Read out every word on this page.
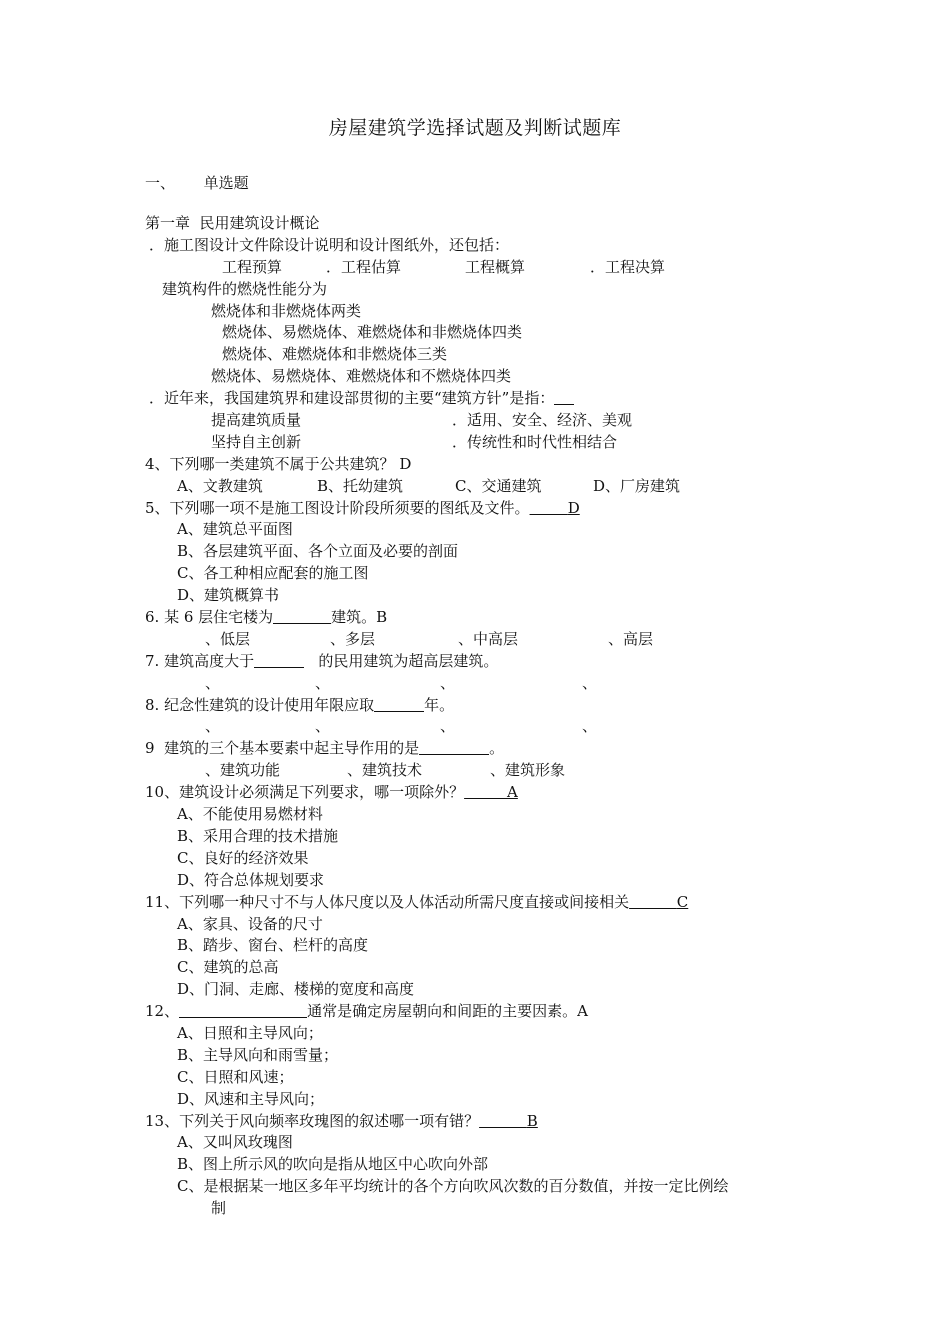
房屋建筑学选择试题及判断试题库
一、 单选题
第一章  民用建筑设计概论
．施工图设计文件除设计说明和设计图纸外，还包括：

工程预算

	．工程估算

	工程概算

	．工程决算

建筑构件的燃烧性能分为
燃烧体和非燃烧体两类
燃烧体、易燃烧体、难燃烧体和非燃烧体四类
燃烧体、难燃烧体和非燃烧体三类
燃烧体、易燃烧体、难燃烧体和不燃烧体四类
．近年来，我国建筑界和建设部贯彻的主要“建筑方针”是指：

提高建筑质量

	．适用、安全、经济、美观

坚持自主创新

	．传统性和时代性相结合

4、下列哪一类建筑不属于公共建筑？ D

A、文教建筑

	B、托幼建筑

	C、交通建筑

	D、厂房建筑

5、下列哪一项不是施工图设计阶段所须要的图纸及文件。	D
A、建筑总平面图
B、各层建筑平面、各个立面及必要的剖面
C、各工种相应配套的施工图
D、建筑概算书
6. 某 6 层住宅楼为	建筑。B

、低层

	、多层

	、中高层

	、高层

7. 建筑高度大于	的民用建筑为超高层建筑。

、

	、

	、

	、

8. 纪念性建筑的设计使用年限应取	年。

、

	、

	、

	、

9  建筑的三个基本要素中起主导作用的是	。

、建筑功能

	、建筑技术

	、建筑形象

10、建筑设计必须满足下列要求，哪一项除外？	A
A、不能使用易燃材料
B、采用合理的技术措施
C、良好的经济效果
D、符合总体规划要求
11、下列哪一种尺寸不与人体尺度以及人体活动所需尺度直接或间接相关	C
A、家具、设备的尺寸
B、踏步、窗台、栏杆的高度
C、建筑的总高
D、门洞、走廊、楼梯的宽度和高度
12、	通常是确定房屋朝向和间距的主要因素。A
A、日照和主导风向；
B、主导风向和雨雪量；
C、日照和风速；
D、风速和主导风向；
13、下列关于风向频率玫瑰图的叙述哪一项有错？	B
A、又叫风玫瑰图
B、图上所示风的吹向是指从地区中心吹向外部
C、是根据某一地区多年平均统计的各个方向吹风次数的百分数值，并按一定比例绘
制
